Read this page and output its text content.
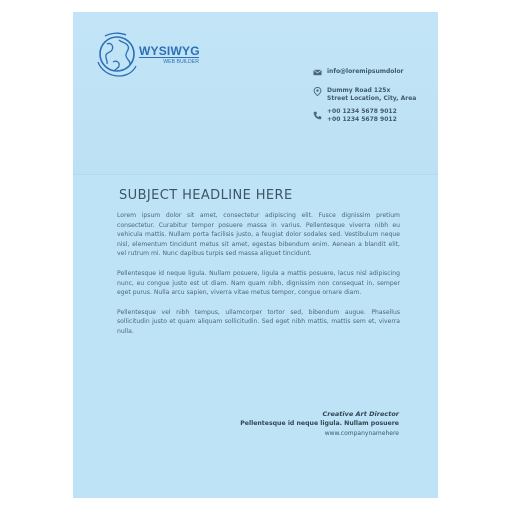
WYSIWYG
WEB BUILDER
info@loremipsumdolor
Dummy Road 125x
Street Location, City, Area
+00 1234 5678 9012
+00 1234 5678 9012
SUBJECT HEADLINE HERE

Lorem ipsum dolor sit amet, consectetur adipiscing elit. Fusce dignissim pretium consectetur. Curabitur tempor posuere massa in varius. Pellentesque viverra nibh eu vehicula mattis. Nullam porta facilisis justo, a feugiat dolor sodales sed. Vestibulum neque nisl, elementum tincidunt metus sit amet, egestas bibendum enim. Aenean a blandit elit, vel rutrum mi. Nunc dapibus turpis sed massa aliquet tincidunt.

Pellentesque id neque ligula. Nullam posuere, ligula a mattis posuere, lacus nisl adipiscing nunc, eu congue justo est ut diam. Nam quam nibh, dignissim non consequat in, semper eget purus. Nulla arcu sapien, viverra vitae metus tempor, congue ornare diam.

Pellentesque vel nibh tempus, ullamcorper tortor sed, bibendum augue. Phasellus sollicitudin justo et quam aliquam sollicitudin. Sed eget nibh mattis, mattis sem et, viverra nulla.

Creative Art Director
Pellentesque id neque ligula. Nullam posuere
www.companynamehere
